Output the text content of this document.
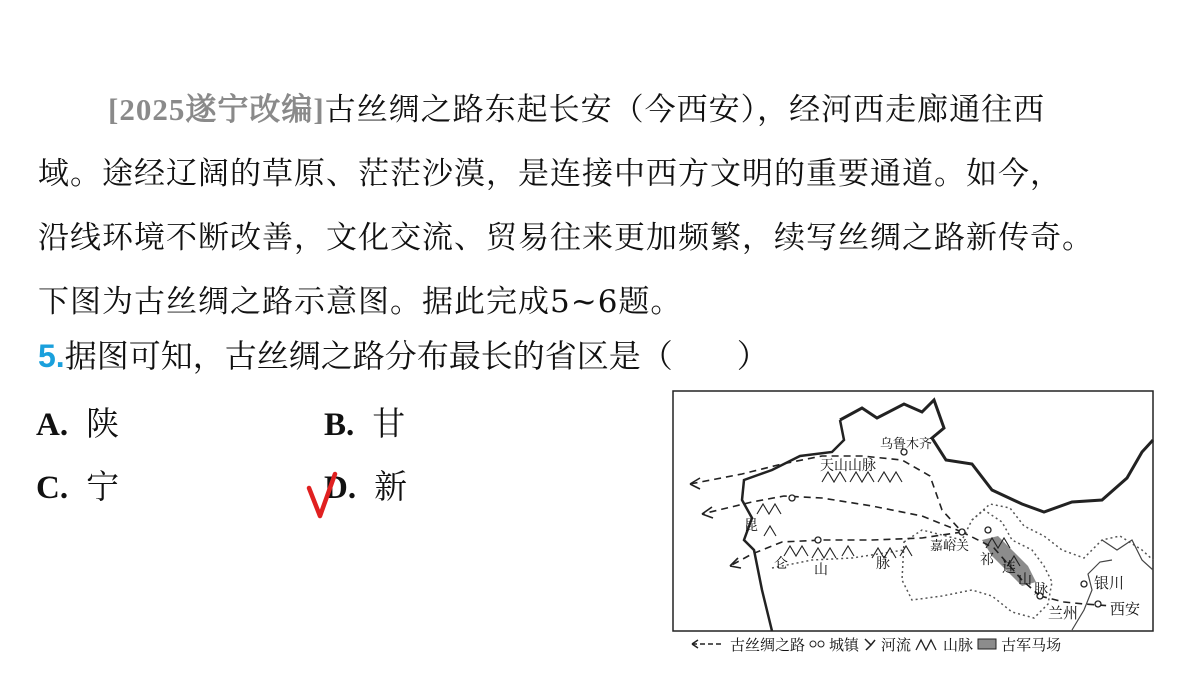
[2025遂宁改编]古丝绸之路东起长安（今西安），经河西走廊通往西
域。途经辽阔的草原、茫茫沙漠，是连接中西方文明的重要通道。如今，
沿线环境不断改善，文化交流、贸易往来更加频繁，续写丝绸之路新传奇。
下图为古丝绸之路示意图。据此完成5~6题。
5.据图可知，古丝绸之路分布最长的省区是（　　）
A. 陕	B. 甘
C. 宁	D. 新
乌鲁木齐
天山山脉
昆
仑 山	脉
嘉峪关
祁 连
山
脉	银川
兰州 西安
古丝绸之路 城镇 河流 山脉 古军马场
